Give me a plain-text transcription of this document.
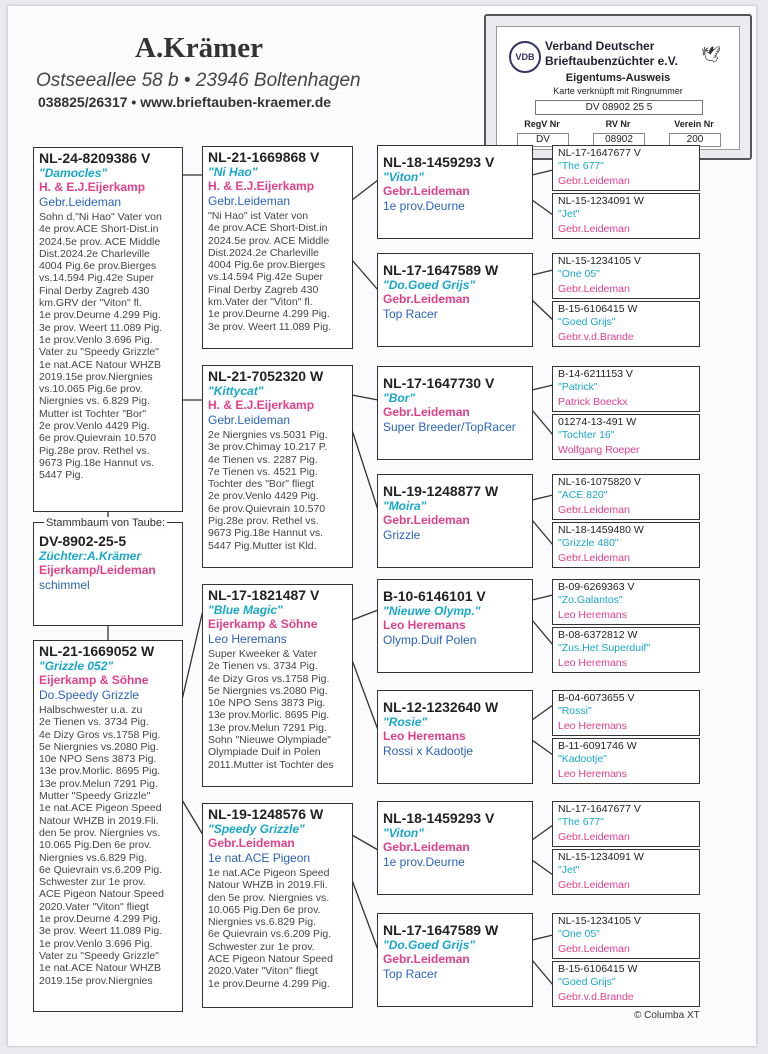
A.Krämer
Ostseeallee 58 b • 23946 Boltenhagen
038825/26317 • www.brieftauben-kraemer.de
VDB
Verband Deutscher
Brieftaubenzüchter e.V. 🕊
Eigentums-Ausweis
Karte verknüpft mit Ringnummer
DV 08902 25 5
RegV Nr	RV Nr	Verein Nr
DV	08902	200
NL-24-8209386 V
"Damocles"
H. & E.J.Eijerkamp
Gebr.Leideman
Sohn d."Ni Hao" Vater von
4e prov.ACE Short-Dist.in
2024.5e prov. ACE Middle
Dist.2024.2e Charleville
4004 Pig.6e prov.Bierges
vs.14.594 Pig.42e Super
Final Derby Zagreb 430
km.GRV der "Viton" fl.
1e prov.Deurne 4.299 Pig.
3e prov. Weert 11.089 Pig.
1e prov.Venlo 3.696 Pig.
Vater zu "Speedy Grizzle"
1e nat.ACE Natour WHZB
2019.15e prov.Niergnies
vs.10.065 Pig.6e prov.
Niergnies vs. 6.829 Pig.
Mutter ist Tochter "Bor"
2e prov.Venlo 4429 Pig.
6e prov.Quievrain 10.570
Pig.28e prov. Rethel vs.
9673 Pig.18e Hannut vs.
5447 Pig.
DV-8902-25-5
Züchter:A.Krämer
Eijerkamp/Leideman
schimmel
Stammbaum von Taube:
NL-21-1669052 W
"Grizzle 052"
Eijerkamp & Söhne
Do.Speedy Grizzle
Halbschwester u.a. zu
2e Tienen vs. 3734 Pig.
4e Dizy Gros vs.1758 Pig.
5e Niergnies vs.2080 Pig.
10e NPO Sens 3873 Pig.
13e prov.Morlic. 8695 Pig.
13e prov.Melun 7291 Pig.
Mutter "Speedy Grizzle"
1e nat.ACE Pigeon Speed
Natour WHZB in 2019.Fli.
den 5e prov. Niergnies vs.
10.065 Pig.Den 6e prov.
Niergnies vs.6.829 Pig.
6e Quievrain vs.6.209 Pig.
Schwester zur 1e prov.
ACE Pigeon Natour Speed
2020.Vater "Viton" fliegt
1e prov.Deurne 4.299 Pig.
3e prov. Weert 11.089 Pig.
1e prov.Venlo 3.696 Pig.
Vater zu "Speedy Grizzle"
1e nat.ACE Natour WHZB
2019.15e prov.Niergnies
NL-21-1669868 V
"Ni Hao"
H. & E.J.Eijerkamp
Gebr.Leideman
"Ni Hao" ist Vater von
4e prov.ACE Short-Dist.in
2024.5e prov. ACE Middle
Dist.2024.2e Charleville
4004 Pig.6e prov.Bierges
vs.14.594 Pig.42e Super
Final Derby Zagreb 430
km.Vater der "Viton" fl.
1e prov.Deurne 4.299 Pig.
3e prov. Weert 11.089 Pig.
NL-21-7052320 W
"Kittycat"
H. & E.J.Eijerkamp
Gebr.Leideman
2e Niergnies vs.5031 Pig.
3e prov.Chimay 10.217 P.
4e Tienen vs. 2287 Pig.
7e Tienen vs. 4521 Pig.
Tochter des "Bor" fliegt
2e prov.Venlo 4429 Pig.
6e prov.Quievrain 10.570
Pig.28e prov. Rethel vs.
9673 Pig.18e Hannut vs.
5447 Pig.Mutter ist Kld.
NL-17-1821487 V
"Blue Magic"
Eijerkamp & Söhne
Leo Heremans
Super Kweeker & Vater
2e Tienen vs. 3734 Pig.
4e Dizy Gros vs.1758 Pig.
5e Niergnies vs.2080 Pig.
10e NPO Sens 3873 Pig.
13e prov.Morlic. 8695 Pig.
13e prov.Melun 7291 Pig.
Sohn "Nieuwe Olympiade"
Olympiade Duif in Polen
2011.Mutter ist Tochter des
NL-19-1248576 W
"Speedy Grizzle"
Gebr.Leideman
1e nat.ACE Pigeon
1e nat.ACe Pigeon Speed
Natour WHZB in 2019.Fli.
den 5e prov. Niergnies vs.
10.065 Pig.Den 6e prov.
Niergnies vs.6.829 Pig.
6e Quievrain vs.6.209 Pig.
Schwester zur 1e prov.
ACE Pigeon Natour Speed
2020.Vater "Viton" fliegt
1e prov.Deurne 4.299 Pig.
NL-18-1459293 V
"Viton"
Gebr.Leideman
1e prov.Deurne
NL-17-1647589 W
"Do.Goed Grijs"
Gebr.Leideman
Top Racer
NL-17-1647730 V
"Bor"
Gebr.Leideman
Super Breeder/TopRacer
NL-19-1248877 W
"Moira"
Gebr.Leideman
Grizzle
B-10-6146101 V
"Nieuwe Olymp."
Leo Heremans
Olymp.Duif Polen
NL-12-1232640 W
"Rosie"
Leo Heremans
Rossi x Kadootje
NL-18-1459293 V
"Viton"
Gebr.Leideman
1e prov.Deurne
NL-17-1647589 W
"Do.Goed Grijs"
Gebr.Leideman
Top Racer
NL-17-1647677 V
"The 677"
Gebr.Leideman
NL-15-1234091 W
"Jet"
Gebr.Leideman
NL-15-1234105 V
"One 05"
Gebr.Leideman
B-15-6106415 W
"Goed Grijs"
Gebr.v.d.Brande
B-14-6211153 V
"Patrick"
Patrick Boeckx
01274-13-491 W
"Tochter 16"
Wolfgang Roeper
NL-16-1075820 V
"ACE 820"
Gebr.Leideman
NL-18-1459480 W
"Grizzle 480"
Gebr.Leideman
B-09-6269363 V
"Zo.Galantos"
Leo Heremans
B-08-6372812 W
"Zus.Het Superduif"
Leo Heremans
B-04-6073655 V
"Rossi"
Leo Heremans
B-11-6091746 W
"Kadootje"
Leo Heremans
NL-17-1647677 V
"The 677"
Gebr.Leideman
NL-15-1234091 W
"Jet"
Gebr.Leideman
NL-15-1234105 V
"One 05"
Gebr.Leideman
B-15-6106415 W
"Goed Grijs"
Gebr.v.d.Brande
© Columba XT
